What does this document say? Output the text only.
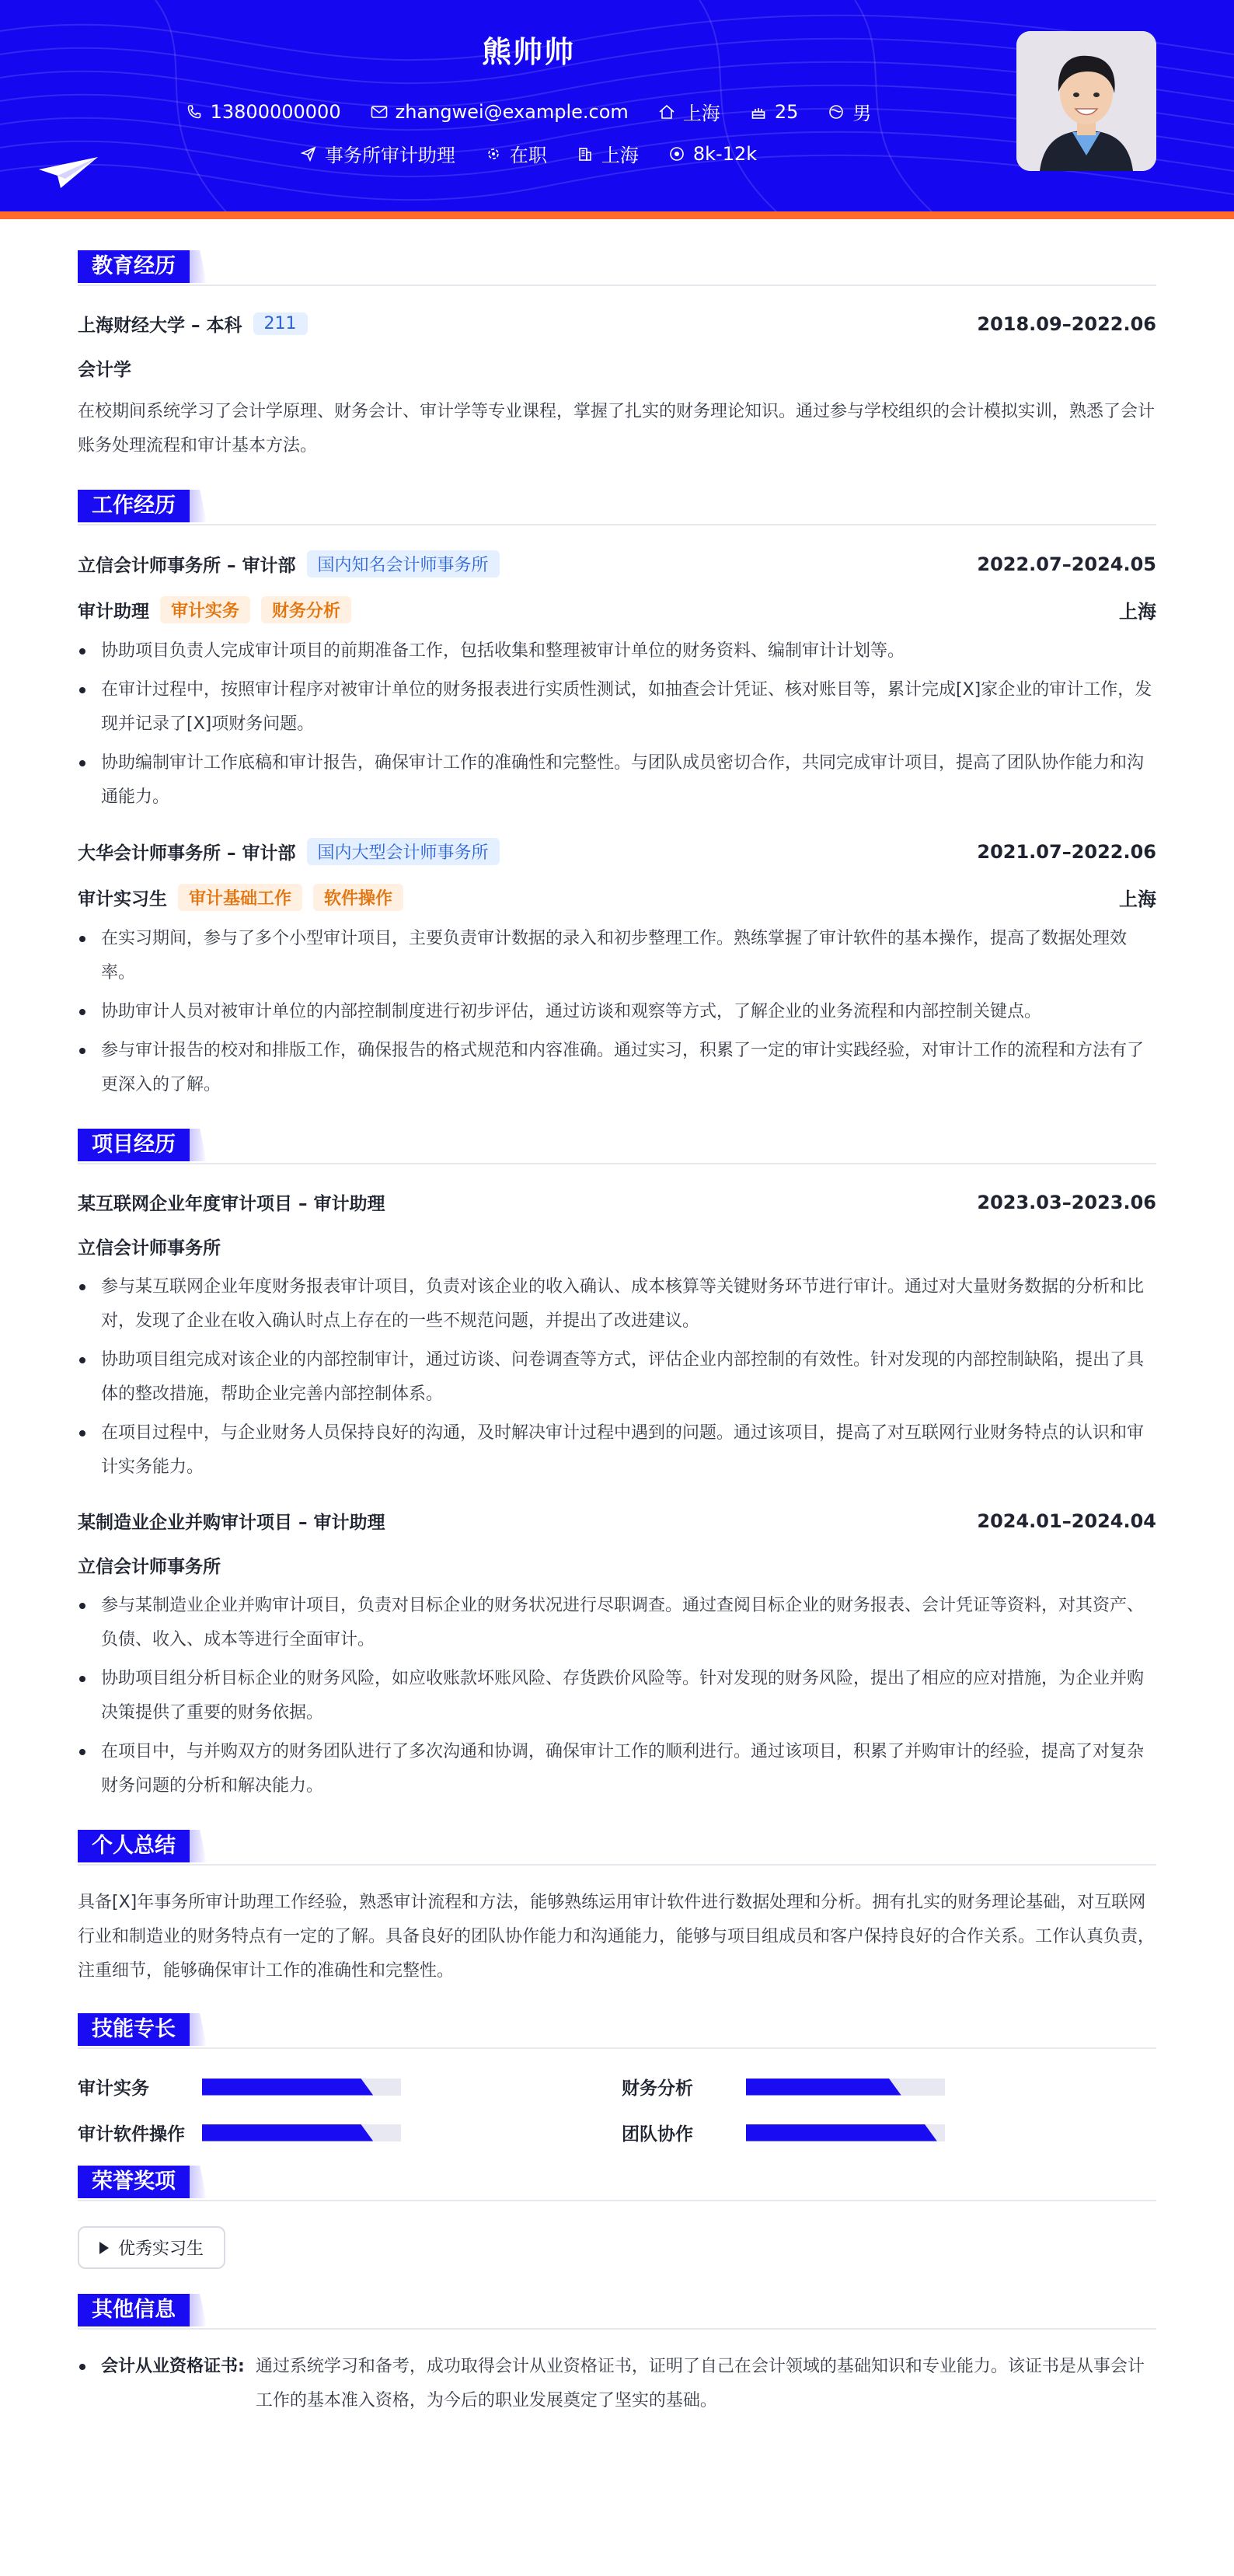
熊帅帅
13800000000	zhangwei@example.com	上海	25	男
事务所审计助理	在职	上海	8k-12k
教育经历
上海财经大学 – 本科	211	2018.09–2022.06
会计学
在校期间系统学习了会计学原理、财务会计、审计学等专业课程，掌握了扎实的财务理论知识。通过参与学校组织的会计模拟实训，熟悉了会计账务处理流程和审计基本方法。
工作经历
立信会计师事务所 – 审计部	国内知名会计师事务所	2022.07–2024.05
审计助理	审计实务	财务分析	上海
协助项目负责人完成审计项目的前期准备工作，包括收集和整理被审计单位的财务资料、编制审计计划等。
在审计过程中，按照审计程序对被审计单位的财务报表进行实质性测试，如抽查会计凭证、核对账目等，累计完成[X]家企业的审计工作，发现并记录了[X]项财务问题。
协助编制审计工作底稿和审计报告，确保审计工作的准确性和完整性。与团队成员密切合作，共同完成审计项目，提高了团队协作能力和沟通能力。
大华会计师事务所 – 审计部	国内大型会计师事务所	2021.07–2022.06
审计实习生	审计基础工作	软件操作	上海
在实习期间，参与了多个小型审计项目，主要负责审计数据的录入和初步整理工作。熟练掌握了审计软件的基本操作，提高了数据处理效率。
协助审计人员对被审计单位的内部控制制度进行初步评估，通过访谈和观察等方式，了解企业的业务流程和内部控制关键点。
参与审计报告的校对和排版工作，确保报告的格式规范和内容准确。通过实习，积累了一定的审计实践经验，对审计工作的流程和方法有了更深入的了解。
项目经历
某互联网企业年度审计项目 – 审计助理	2023.03–2023.06
立信会计师事务所
参与某互联网企业年度财务报表审计项目，负责对该企业的收入确认、成本核算等关键财务环节进行审计。通过对大量财务数据的分析和比对，发现了企业在收入确认时点上存在的一些不规范问题，并提出了改进建议。
协助项目组完成对该企业的内部控制审计，通过访谈、问卷调查等方式，评估企业内部控制的有效性。针对发现的内部控制缺陷，提出了具体的整改措施，帮助企业完善内部控制体系。
在项目过程中，与企业财务人员保持良好的沟通，及时解决审计过程中遇到的问题。通过该项目，提高了对互联网行业财务特点的认识和审计实务能力。
某制造业企业并购审计项目 – 审计助理	2024.01–2024.04
立信会计师事务所
参与某制造业企业并购审计项目，负责对目标企业的财务状况进行尽职调查。通过查阅目标企业的财务报表、会计凭证等资料，对其资产、负债、收入、成本等进行全面审计。
协助项目组分析目标企业的财务风险，如应收账款坏账风险、存货跌价风险等。针对发现的财务风险，提出了相应的应对措施，为企业并购决策提供了重要的财务依据。
在项目中，与并购双方的财务团队进行了多次沟通和协调，确保审计工作的顺利进行。通过该项目，积累了并购审计的经验，提高了对复杂财务问题的分析和解决能力。
个人总结
具备[X]年事务所审计助理工作经验，熟悉审计流程和方法，能够熟练运用审计软件进行数据处理和分析。拥有扎实的财务理论基础，对互联网行业和制造业的财务特点有一定的了解。具备良好的团队协作能力和沟通能力，能够与项目组成员和客户保持良好的合作关系。工作认真负责，注重细节，能够确保审计工作的准确性和完整性。
技能专长
审计实务	财务分析
审计软件操作	团队协作
荣誉奖项
优秀实习生
其他信息
会计从业资格证书: 通过系统学习和备考，成功取得会计从业资格证书，证明了自己在会计领域的基础知识和专业能力。该证书是从事会计工作的基本准入资格，为今后的职业发展奠定了坚实的基础。
